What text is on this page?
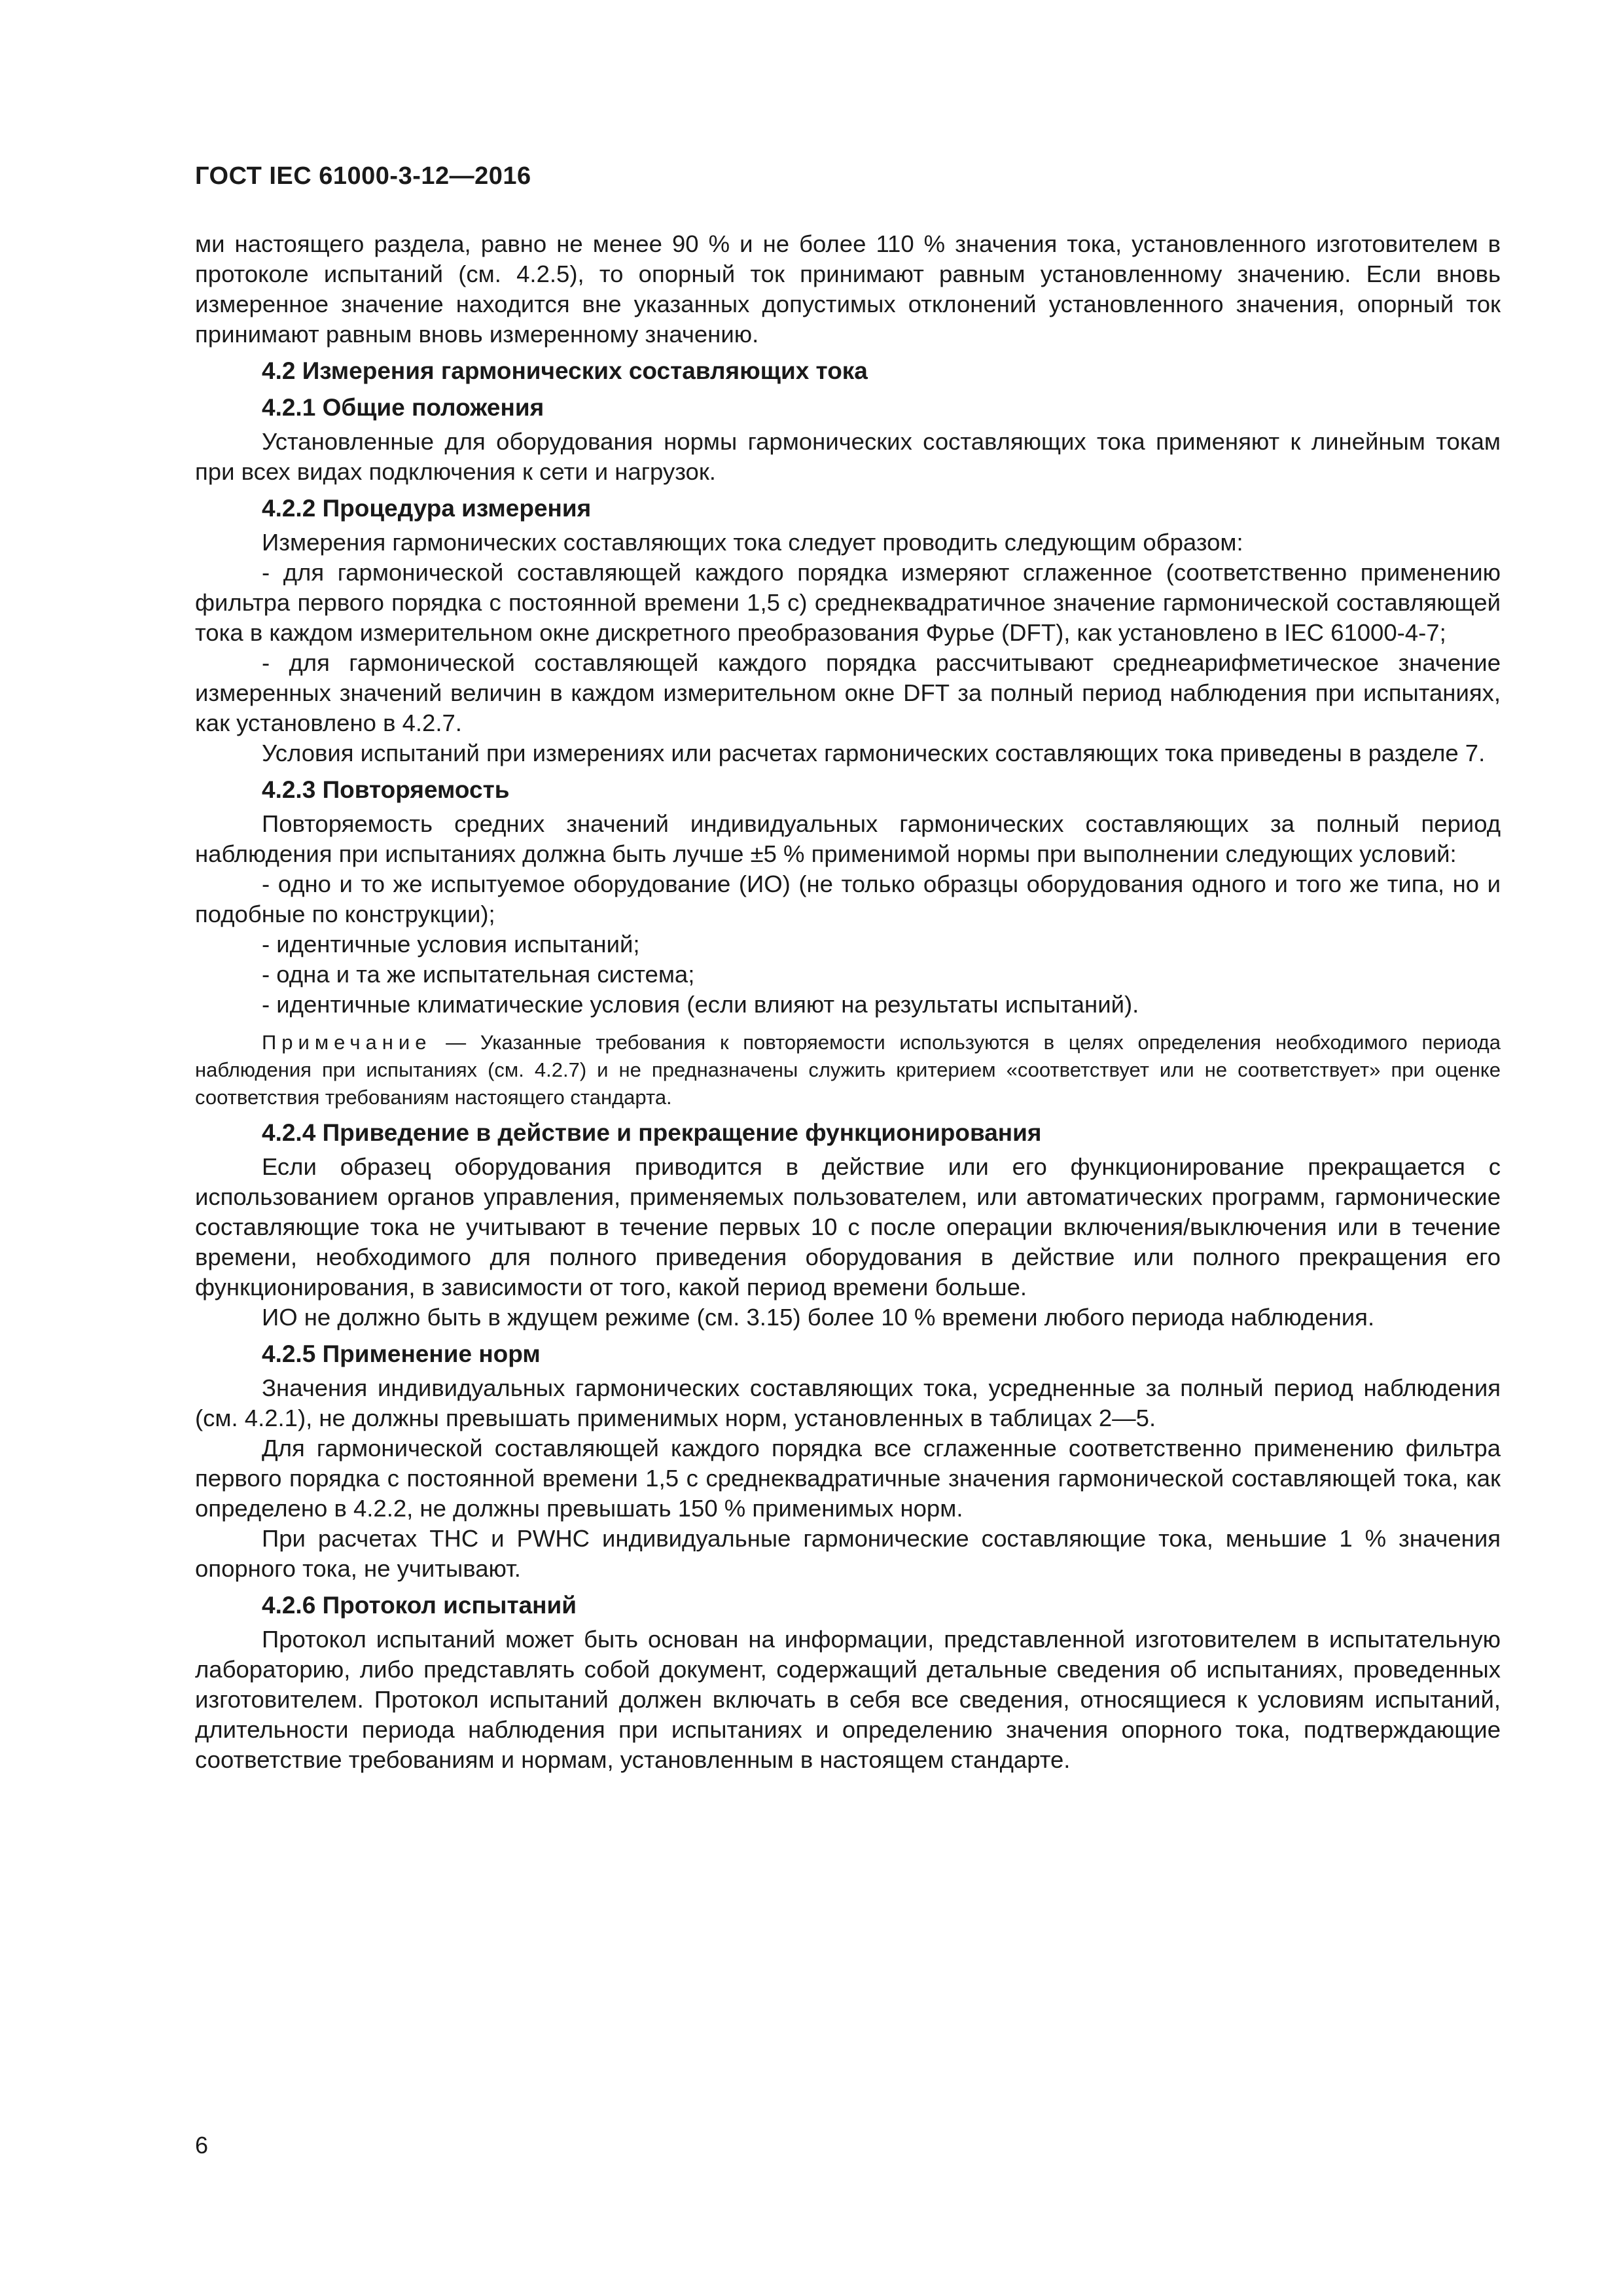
ГОСТ IEC 61000-3-12—2016

ми настоящего раздела, равно не менее 90 % и не более 110 % значения тока, установленного изготовителем в протоколе испытаний (см. 4.2.5), то опорный ток принимают равным установленному значению. Если вновь измеренное значение находится вне указанных допустимых отклонений установленного значения, опорный ток принимают равным вновь измеренному значению.

4.2 Измерения гармонических составляющих тока
4.2.1 Общие положения

Установленные для оборудования нормы гармонических составляющих тока применяют к линейным токам при всех видах подключения к сети и нагрузок.

4.2.2 Процедура измерения

Измерения гармонических составляющих тока следует проводить следующим образом:

- для гармонической составляющей каждого порядка измеряют сглаженное (соответственно применению фильтра первого порядка с постоянной времени 1,5 с) среднеквадратичное значение гармонической составляющей тока в каждом измерительном окне дискретного преобразования Фурье (DFT), как установлено в IEC 61000-4-7;

- для гармонической составляющей каждого порядка рассчитывают среднеарифметическое значение измеренных значений величин в каждом измерительном окне DFT за полный период наблюдения при испытаниях, как установлено в 4.2.7.

Условия испытаний при измерениях или расчетах гармонических составляющих тока приведены в разделе 7.

4.2.3 Повторяемость

Повторяемость средних значений индивидуальных гармонических составляющих за полный период наблюдения при испытаниях должна быть лучше ±5 % применимой нормы при выполнении следующих условий:

- одно и то же испытуемое оборудование (ИО) (не только образцы оборудования одного и того же типа, но и подобные по конструкции);

- идентичные условия испытаний;

- одна и та же испытательная система;

- идентичные климатические условия (если влияют на результаты испытаний).

Примечание — Указанные требования к повторяемости используются в целях определения необходимого периода наблюдения при испытаниях (см. 4.2.7) и не предназначены служить критерием «соответствует или не соответствует» при оценке соответствия требованиям настоящего стандарта.

4.2.4 Приведение в действие и прекращение функционирования

Если образец оборудования приводится в действие или его функционирование прекращается с использованием органов управления, применяемых пользователем, или автоматических программ, гармонические составляющие тока не учитывают в течение первых 10 с после операции включения/выключения или в течение времени, необходимого для полного приведения оборудования в действие или полного прекращения его функционирования, в зависимости от того, какой период времени больше.

ИО не должно быть в ждущем режиме (см. 3.15) более 10 % времени любого периода наблюдения.

4.2.5 Применение норм

Значения индивидуальных гармонических составляющих тока, усредненные за полный период наблюдения (см. 4.2.1), не должны превышать применимых норм, установленных в таблицах 2—5.

Для гармонической составляющей каждого порядка все сглаженные соответственно применению фильтра первого порядка с постоянной времени 1,5 с среднеквадратичные значения гармонической составляющей тока, как определено в 4.2.2, не должны превышать 150 % применимых норм.

При расчетах THC и PWHC индивидуальные гармонические составляющие тока, меньшие 1 % значения опорного тока, не учитывают.

4.2.6 Протокол испытаний

Протокол испытаний может быть основан на информации, представленной изготовителем в испытательную лабораторию, либо представлять собой документ, содержащий детальные сведения об испытаниях, проведенных изготовителем. Протокол испытаний должен включать в себя все сведения, относящиеся к условиям испытаний, длительности периода наблюдения при испытаниях и определению значения опорного тока, подтверждающие соответствие требованиям и нормам, установленным в настоящем стандарте.

6
